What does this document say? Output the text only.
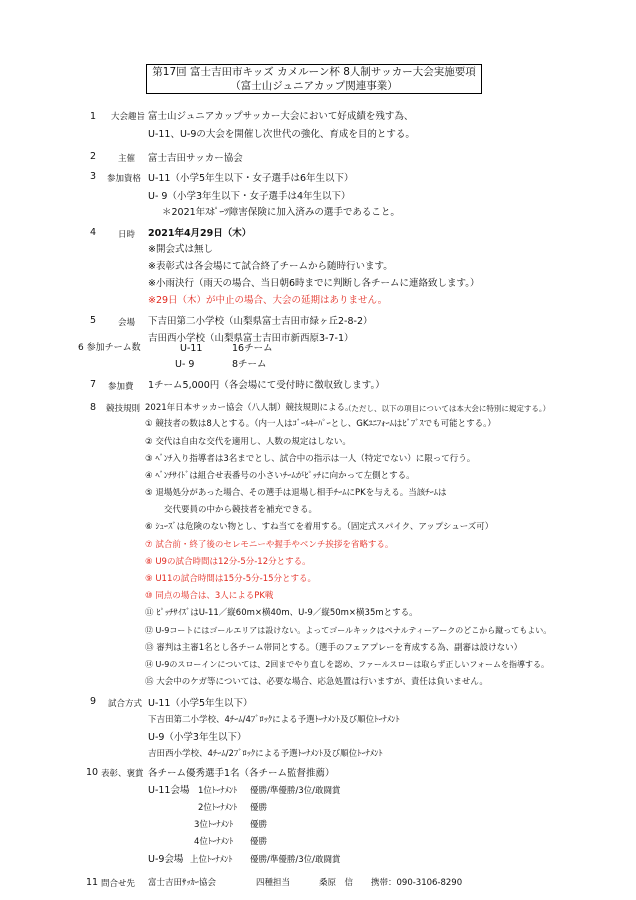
第17回 富士吉田市キッズ カメルーン杯 8人制サッカー大会実施要項
（富士山ジュニアカップ関連事業）
1 大会趣旨 富士山ジュニアカップサッカー大会において好成績を残す為、
U-11、U-9の大会を開催し次世代の強化、育成を目的とする。
2	主催 富士吉田サッカー協会
3 参加資格 U-11（小学5年生以下・女子選手は6年生以下）
U- 9（小学3年生以下・女子選手は4年生以下）
＊2021年ｽﾎﾟｰﾂ障害保険に加入済みの選手であること。
4	日時 2021年4月29日（木）
※開会式は無し
※表彰式は各会場にて試合終了チームから随時行います。
※小雨決行（雨天の場合、当日朝6時までに判断し各チームに連絡致します。）
※29日（木）が中止の場合、大会の延期はありません。
5	会場 下吉田第二小学校（山梨県富士吉田市緑ヶ丘2-8-2）
吉田西小学校（山梨県富士吉田市新西原3-7-1）
6 参加チーム数	U-11	16チーム
U- 9	8チーム
7 参加費 1チーム5,000円（各会場にて受付時に徴収致します。）
8 競技規則 2021年日本サッカー協会（八人制）競技規則による。
（ただし、以下の項目については本大会に特別に規定する。）
① 競技者の数は8人とする。（内一人はｺﾞｰﾙｷｰﾊﾟｰとし、GKﾕﾆﾌｫｰﾑはﾋﾞﾌﾞｽでも可能とする。）
② 交代は自由な交代を適用し、人数の規定はしない。
③ ﾍﾞﾝﾁ入り指導者は3名までとし、試合中の指示は一人（特定でない）に限って行う。
④ ﾍﾞﾝﾁｻｲﾄﾞは組合せ表番号の小さいﾁｰﾑがﾋﾟｯﾁに向かって左側とする。
⑤ 退場処分があった場合、その選手は退場し相手ﾁｰﾑにPKを与える。当該ﾁｰﾑは
交代要員の中から競技者を補充できる。
⑥ ｼｭｰｽﾞは危険のない物とし、すね当てを着用する。（固定式スパイク、アップシューズ可）
⑦ 試合前・終了後のセレモニーや握手やベンチ挨拶を省略する。
⑧ U9の試合時間は12分-5分-12分とする。
⑨ U11の試合時間は15分-5分-15分とする。
⑩ 同点の場合は、3人によるPK戦
⑪ ﾋﾟｯﾁｻｲｽﾞはU-11／縦60m×横40m、U-9／縦50m×横35mとする。
⑫ U-9コートにはゴールエリアは設けない。よってゴールキックはペナルティーアークのどこから蹴ってもよい。
⑬ 審判は主審1名とし各チーム帯同とする。（選手のフェアプレーを育成する為、副審は設けない）
⑭ U-9のスローインについては、2回までやり直しを認め、ファールスローは取らず正しいフォームを指導する。
⑮ 大会中のケガ等については、必要な場合、応急処置は行いますが、責任は負いません。
9 試合方式 U-11（小学5年生以下）
下吉田第二小学校、4ﾁｰﾑ/4ﾌﾞﾛｯｸによる予選ﾄｰﾅﾒﾝﾄ及び順位ﾄｰﾅﾒﾝﾄ
U-9（小学3年生以下）
吉田西小学校、4ﾁｰﾑ/2ﾌﾞﾛｯｸによる予選ﾄｰﾅﾒﾝﾄ及び順位ﾄｰﾅﾒﾝﾄ
10 表彰、褒賞 各チーム優秀選手1名（各チーム監督推薦）
U-11会場 1位ﾄｰﾅﾒﾝﾄ 優勝/準優勝/3位/敢闘賞
2位ﾄｰﾅﾒﾝﾄ 優勝
3位ﾄｰﾅﾒﾝﾄ 優勝
4位ﾄｰﾅﾒﾝﾄ 優勝
U-9会場 上位ﾄｰﾅﾒﾝﾄ 優勝/準優勝/3位/敢闘賞
11 問合せ先 富士吉田ｻｯｶｰ協会	四種担当	桑原　信 携帯：090-3106-8290
